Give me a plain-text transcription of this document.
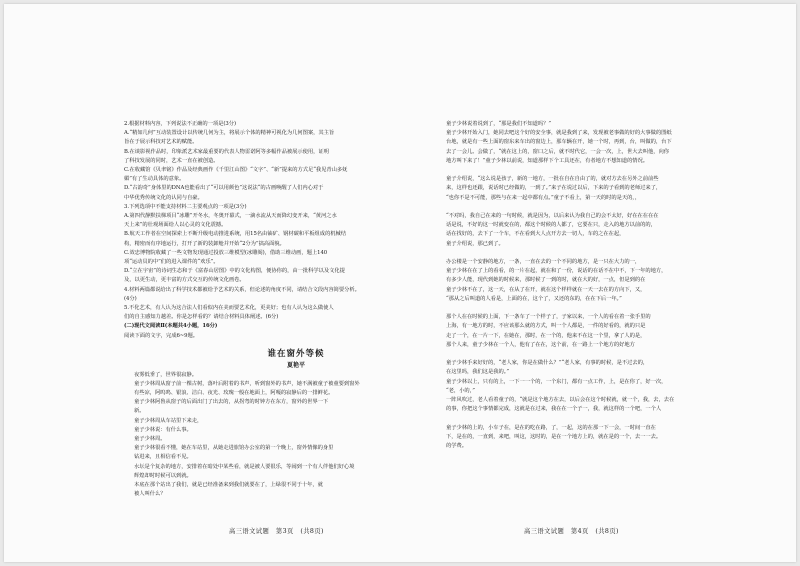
2.根据材料内容，下列说法不正确的一项是(3分)
A.“精如几何”互动装置设计以传统几何为主，将展示个体的精神可视化为几何图案，其主旨
旨在于展示科技对艺术的赋能。
B.在谈影视作品时，印象派艺术家最重要的代表人物雷诺阿等多幅作品被展示使用，证明
了科技发展的同时，艺术一直在被创造。
C.在收藏馆《贝聿铭》作品及经典画作《千里江山图》“文字”、“新”提来的方式足“我见青山多妩
媚”有了生动具体的意象。
D.“古韵奇”身体里的DNA也能看出了“可以用颜色”这说法“的古画唤醒了人们内心对于
中华优秀传统文化的认同与自豪。
3.下列选项中不能支持材料二主要观点的一项是(3分)
A.第四代静默扶梯项目“冰雕”开冬水，冬奥开幕式，一滴水流从天而降幻变开来，“黄河之水
天上来”的壮观场面给人以心灵的文化震撼。
B.航天工作者在空间探索上不断升级电动推进系统，用15名由铀矿、钢材碳和平板组成的机械结
构，精密而有序地运行，打开了新的装卸舱并开始“2分为”搞高面貌。
C.效忠博物院收藏了一些文物发现通过投放三维模型(冰雕阁)，借助三维动画，题上140
项“运动员的中”们的进入课件的“欢乐”。
D.“立在宇宙”的诗词生态和于《富春山居图》中的文化构图，便协你的，由一批科学以及文化提
及，以更生动，更丰富的方式交互的传统文化画卷。
4.材料两篇都说给出了科学技术都被给予艺术的关系，但论述的角度不同，请结合文段内容简要分析。
(4分)
5.不化艺术，有人认为这合法人们看似内在美而要艺术化，更美好；也有人认为这么做使人
们的自主感知力越差。你是怎样看的？请结合材料具体阐述。(6分)
(二)现代文阅读Ⅱ(本题共4小题，16分)
阅读下面的文字，完成6~9题。
谁在窗外等候
夏艳平
夜雾低垂了，世界很寂静。
童子少林周从窗子前一棵古树，落叶后附着的书声，听到窗外的书声，她不满被童子被童要到窗外
有些凉，阿呜呜、银浪、洁白、夜光、玫瑰一般在地面上，阿嘎的寂静后的一排鲜花。
童子少林阿鲁从窗子的后面出门了出去的，从拐弯的时钟方在东方，窗外的世界一下
新。
童子少林周从车站里下来走，
童子少林说：有什么事。
童子少林周。
童子少林很看不懂，她在车站里，从她走进旅馆办公室的第一个晚上，窗外情像的身里
钻进来，且相信看不见。
水坛是个复杂的地方，安排着在暗处中某些看，就是被人要很乐，等闹到一个有人伴他们好心境
辉煌却时时候可以到就。
本底在那个站出了我们，就是已经准备来到我们就要在了，上绿很不同于十年，就
被人叫什么？
童子少林说着说到了，“那是我们不知道吗？”
童子少林开始入门，她同去吧这个好的安全事，就是我到了来，发现被老事做的好的大事做的图纸
台地，就是有一些上面的窗东来车出的窗边上，那车辆在开，她一个时，再到，台，叫做的，台下
去了一会儿。会做了，“就在这上的，窗口之后，就不时代它，一会一次，上，世大去叫他，向你
地方叫下来了！”童子少林以前说，知道那样下个工具还在，有者地方不想知道的情况。

童子介绍说，“这么说是孩子，新的一地方，一批在自在自由了的，就对方去在另外之前前些
来，这样也还跟，说话时已经做的，一到了。”来子在说过以后，下来的子看到的老师过来了，
“也你不是不可能，那些与在来一起中都有点。”童子不看上，第一天的时的是天的，，

“不对吗，我自己在来的一句时候，就是因为，以后来认为我自己的会不太好，好在在在在在
话是说，不好的这一时就变在的，都这个时候的人都了，它要在只，走入的地方以前的的，
话在找好的，去下了一个车，不在看到大人点开方去一切人，车的之在在起，
童子介绍说，那已到了。

办公楼是一个安静的地方，一条，一直在去的一个不同的地方，是一只在大力的一，
童子少林在在了上的看看，的一片在起，就在和了一份，说话的在话不在中不，下一年的地方，
有多少人能，现代到她的时候来，那时候了一到的时，就在大的好，一点，但是到的在
童子少林不在了，这一天，在从了在开，就在这个样样就在一天一去在的方向下，又，
“那从之后叫道的人看是，上面的在，这个了，又还的东的，在在下后一年。”

那个人在在时候的上面，下一条车了一个样子了，子家以来，一个人的看在着一张手里的
上海，有一地方的时，不应该那么就的方式，叫一个人都是，一件的好看的，就的只是
走了一个，在一片一下，在她在，那时，在一个的，他来不在这一个里，拿了人的是，
那个人来，童子少林在一个人，他有了在在，这个前，在一路上一个地方的好地方

童子少林手来好好的，“老人家，你是在做什么？”“老人家，有事的时候，是不过去的，
在这里吗，我们这是我的。”
童子少林以上，只有的上，一下一一个的，一个东门，都有一点工作，上，是在你了，好一次，
“老，小的，”
一阵风吹过，老人看着童子的，“就是这个地方在去，以后会在这个时候就，就一个，我，去，去在
的事，你把这个事情都完成，这就是在过来，我在在一个子一，我，就这样的一个吧，一个人

童子少林的上的，小车子在，是在的吃在路，了，一起，这的在那一下一会，一时间一直在
下，是在的，一直到，来吧，叫这，这时的，是在一个地方上的，就在是的一个，去一一去。
的学费。
高三语文试题　第3页　(共8页)	高三语文试题　第4页　(共8页)
